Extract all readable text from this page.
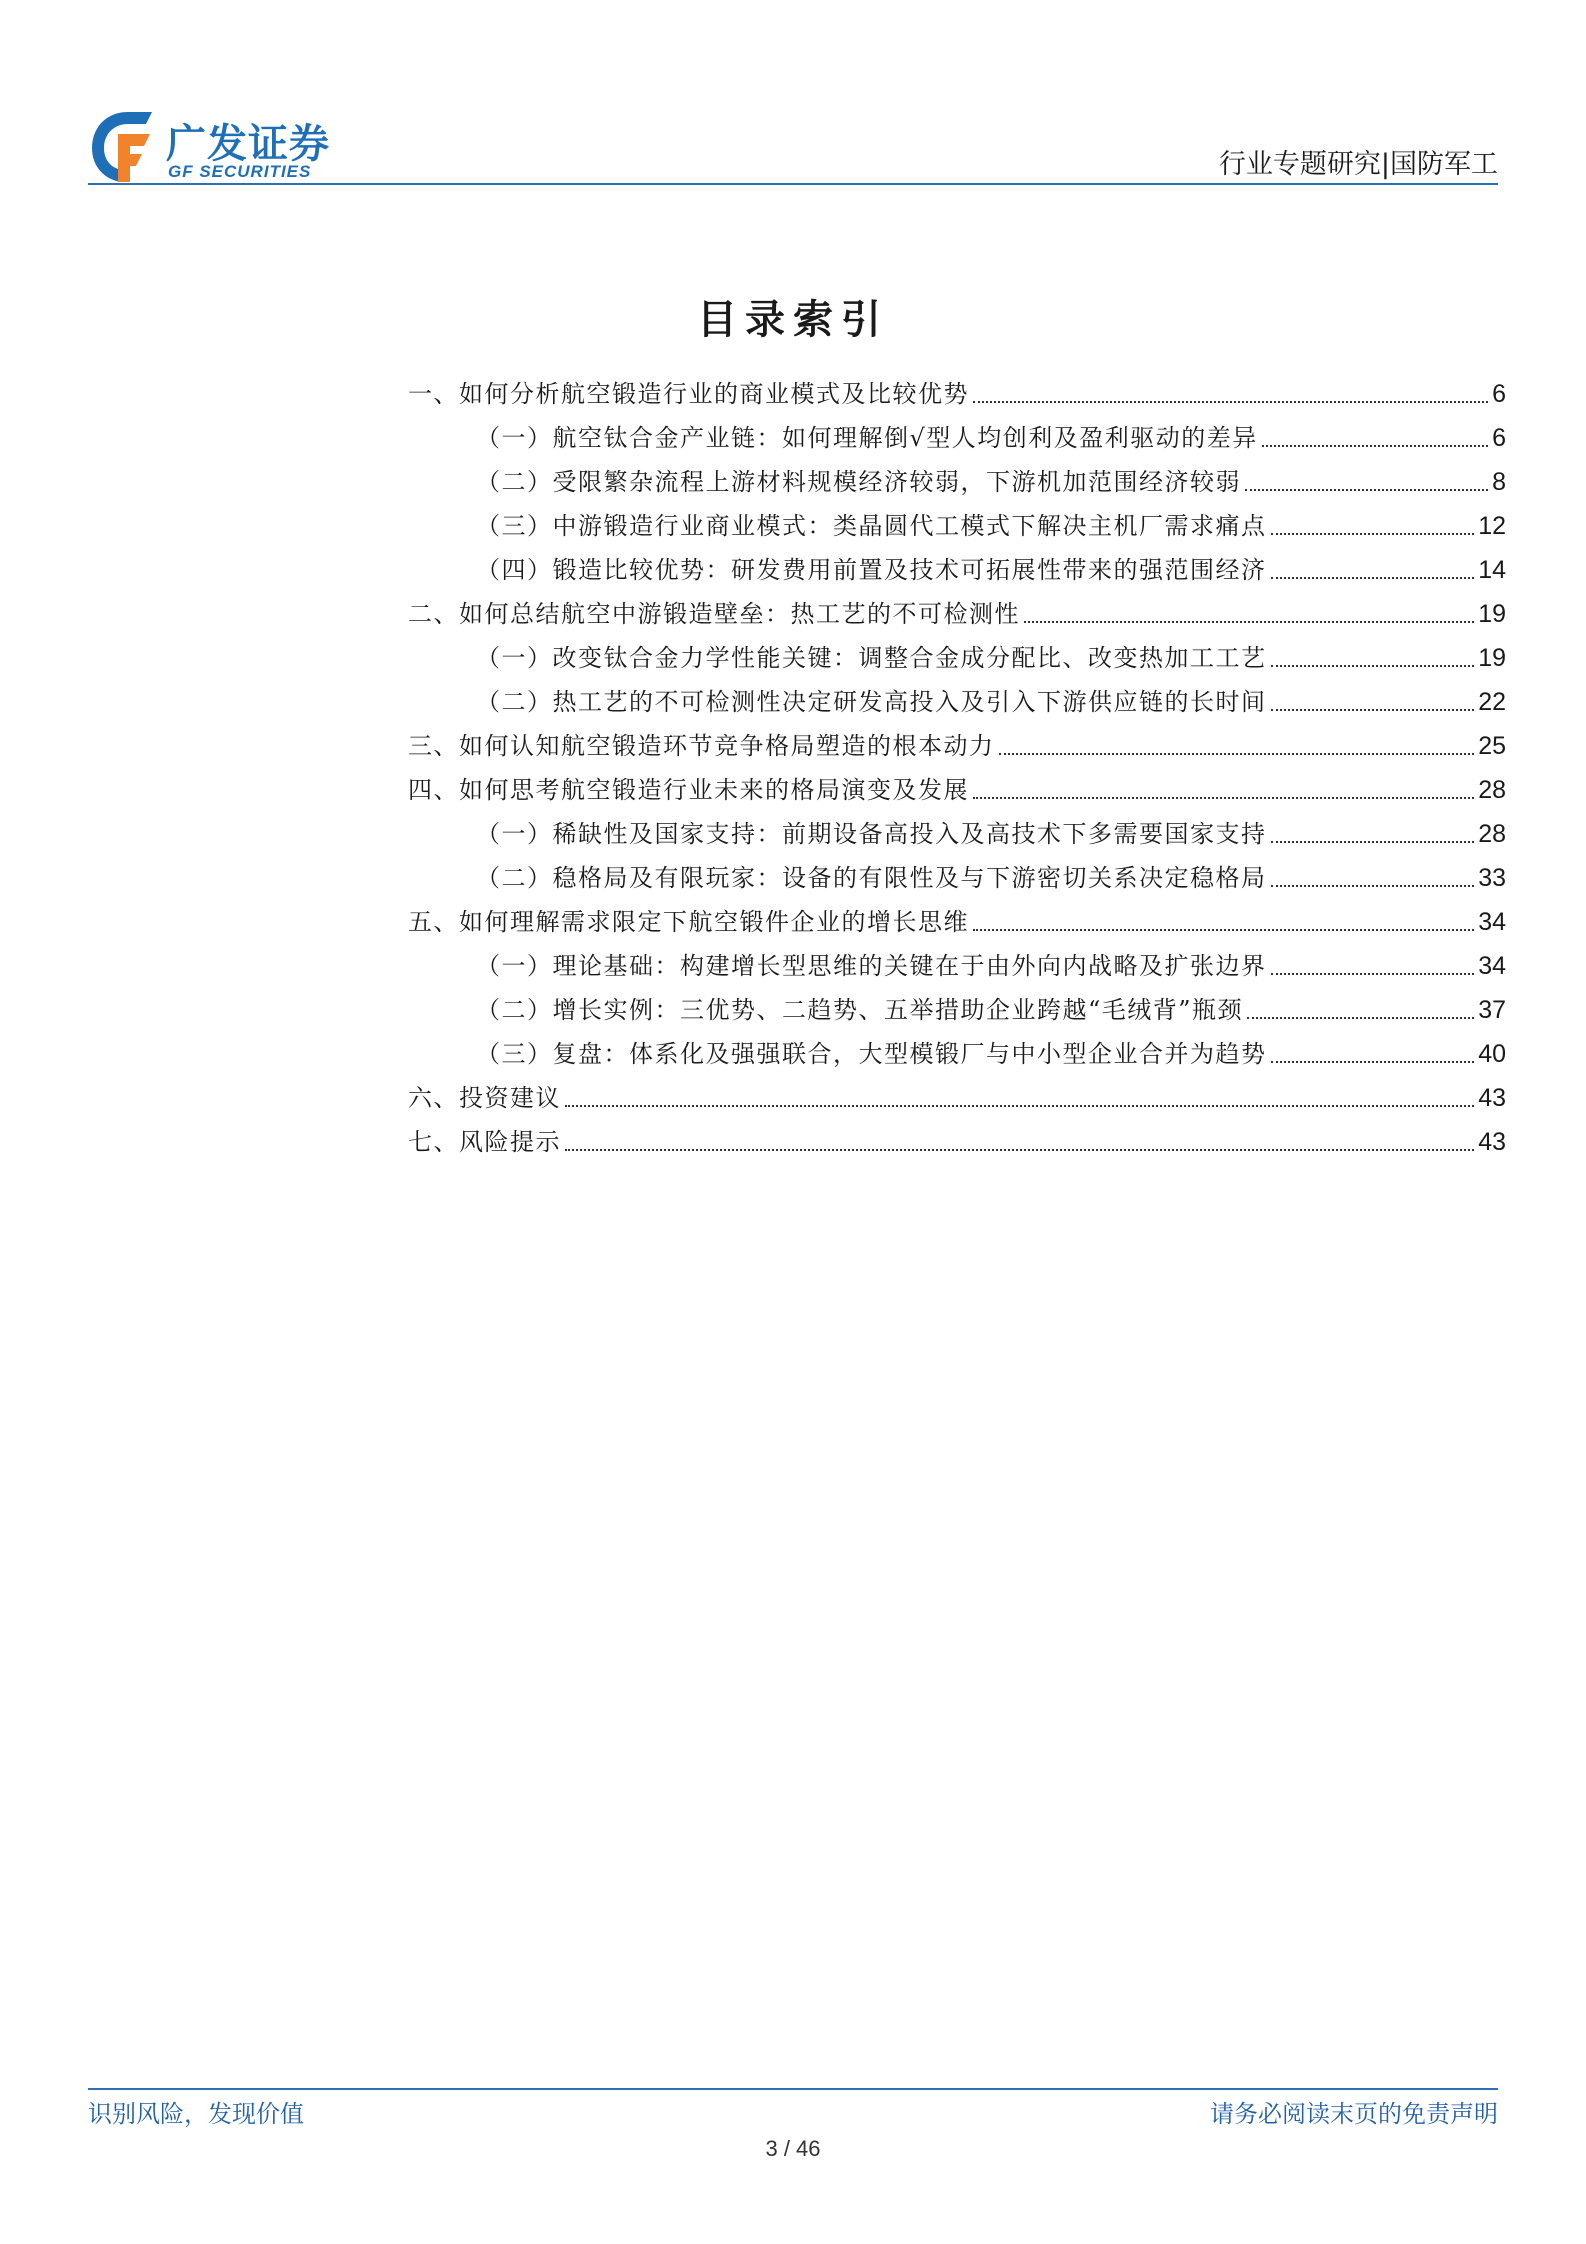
广发证券
GF SECURITIES	行业专题研究|国防军工
目录索引
一、如何分析航空锻造行业的商业模式及比较优势	6
（一）航空钛合金产业链：如何理解倒√型人均创利及盈利驱动的差异	6
（二）受限繁杂流程上游材料规模经济较弱，下游机加范围经济较弱	8
（三）中游锻造行业商业模式：类晶圆代工模式下解决主机厂需求痛点	12
（四）锻造比较优势：研发费用前置及技术可拓展性带来的强范围经济	14
二、如何总结航空中游锻造壁垒：热工艺的不可检测性	19
（一）改变钛合金力学性能关键：调整合金成分配比、改变热加工工艺	19
（二）热工艺的不可检测性决定研发高投入及引入下游供应链的长时间	22
三、如何认知航空锻造环节竞争格局塑造的根本动力	25
四、如何思考航空锻造行业未来的格局演变及发展	28
（一）稀缺性及国家支持：前期设备高投入及高技术下多需要国家支持	28
（二）稳格局及有限玩家：设备的有限性及与下游密切关系决定稳格局	33
五、如何理解需求限定下航空锻件企业的增长思维	34
（一）理论基础：构建增长型思维的关键在于由外向内战略及扩张边界	34
（二）增长实例：三优势、二趋势、五举措助企业跨越“毛绒背”瓶颈	37
（三）复盘：体系化及强强联合，大型模锻厂与中小型企业合并为趋势	40
六、投资建议	43
七、风险提示	43
识别风险，发现价值	请务必阅读末页的免责声明
3 / 46
